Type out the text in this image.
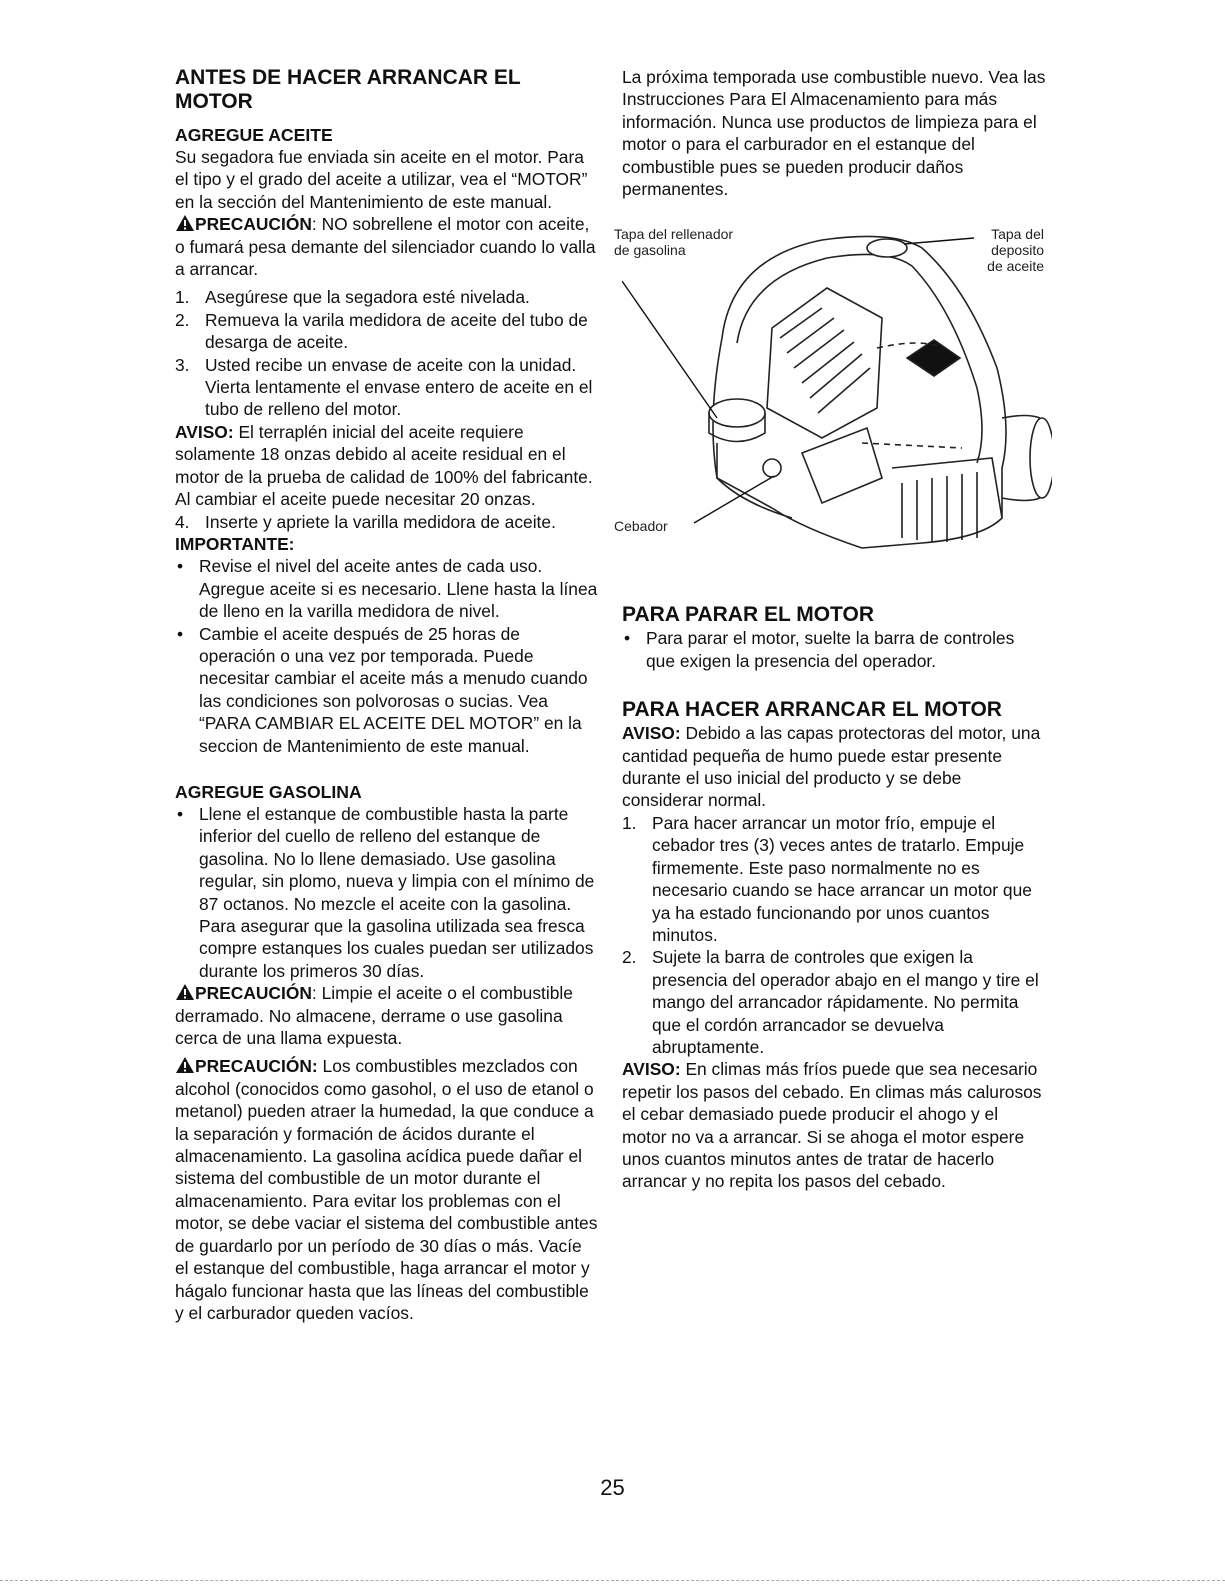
ANTES DE HACER ARRANCAR EL MOTOR
AGREGUE ACEITE

Su segadora fue enviada sin aceite en el motor. Para el tipo y el grado del aceite a utilizar, vea el “MOTOR” en la sección del Mantenimiento de este manual.

PRECAUCIÓN: NO sobrellene el motor con aceite, o fumará pesa demante del silenciador cuando lo valla a arrancar.

1. Asegúrese que la segadora esté nivelada.
2. Remueva la varila medidora de aceite del tubo de desarga de aceite.
3. Usted recibe un envase de aceite con la unidad. Vierta lentamente el envase entero de aceite en el tubo de relleno del motor.

AVISO: El terraplén inicial del aceite requiere solamente 18 onzas debido al aceite residual en el motor de la prueba de calidad de 100% del fabricante. Al cambiar el aceite puede necesitar 20 onzas.

4. Inserte y apriete la varilla medidora de aceite.

IMPORTANTE:

• Revise el nivel del aceite antes de cada uso. Agregue aceite si es necesario. Llene hasta la línea de lleno en la varilla medidora de nivel.
• Cambie el aceite después de 25 horas de operación o una vez por temporada. Puede necesitar cambiar el aceite más a menudo cuando las condiciones son polvorosas o sucias. Vea “PARA CAMBIAR EL ACEITE DEL MOTOR” en la seccion de Mantenimiento de este manual.
AGREGUE GASOLINA
• Llene el estanque de combustible hasta la parte inferior del cuello de relleno del estanque de gasolina. No lo llene demasiado. Use gasolina regular, sin plomo, nueva y limpia con el mínimo de 87 octanos. No mezcle el aceite con la gasolina. Para asegurar que la gasolina utilizada sea fresca compre estanques los cuales puedan ser utilizados durante los primeros 30 días.

PRECAUCIÓN: Limpie el aceite o el combustible derramado. No almacene, derrame o use gasolina cerca de una llama expuesta.

PRECAUCIÓN: Los combustibles mezclados con alcohol (conocidos como gasohol, o el uso de etanol o metanol) pueden atraer la humedad, la que conduce a la separación y formación de ácidos durante el almacenamiento. La gasolina acídica puede dañar el sistema del combustible de un motor durante el almacenamiento. Para evitar los problemas con el motor, se debe vaciar el sistema del combustible antes de guardarlo por un período de 30 días o más. Vacíe el estanque del combustible, haga arrancar el motor y hágalo funcionar hasta que las líneas del combustible y el carburador queden vacíos.

La próxima temporada use combustible nuevo. Vea las Instrucciones Para El Almacenamiento para más información. Nunca use productos de limpieza para el motor o para el carburador en el estanque del combustible pues se pueden producir daños permanentes.

Tapa del rellenador de gasolina
Tapa del deposito de aceite
Cebador
PARA PARAR EL MOTOR
• Para parar el motor, suelte la barra de controles que exigen la presencia del operador.
PARA HACER ARRANCAR EL MOTOR

AVISO: Debido a las capas protectoras del motor, una cantidad pequeña de humo puede estar presente durante el uso inicial del producto y se debe considerar normal.

1. Para hacer arrancar un motor frío, empuje el cebador tres (3) veces antes de tratarlo. Empuje firmemente. Este paso normalmente no es necesario cuando se hace arrancar un motor que ya ha estado funcionando por unos cuantos minutos.
2. Sujete la barra de controles que exigen la presencia del operador abajo en el mango y tire el mango del arrancador rápidamente. No permita que el cordón arrancador se devuelva abruptamente.

AVISO: En climas más fríos puede que sea necesario repetir los pasos del cebado. En climas más calurosos el cebar demasiado puede producir el ahogo y el motor no va a arrancar. Si se ahoga el motor espere unos cuantos minutos antes de tratar de hacerlo arrancar y no repita los pasos del cebado.

25
